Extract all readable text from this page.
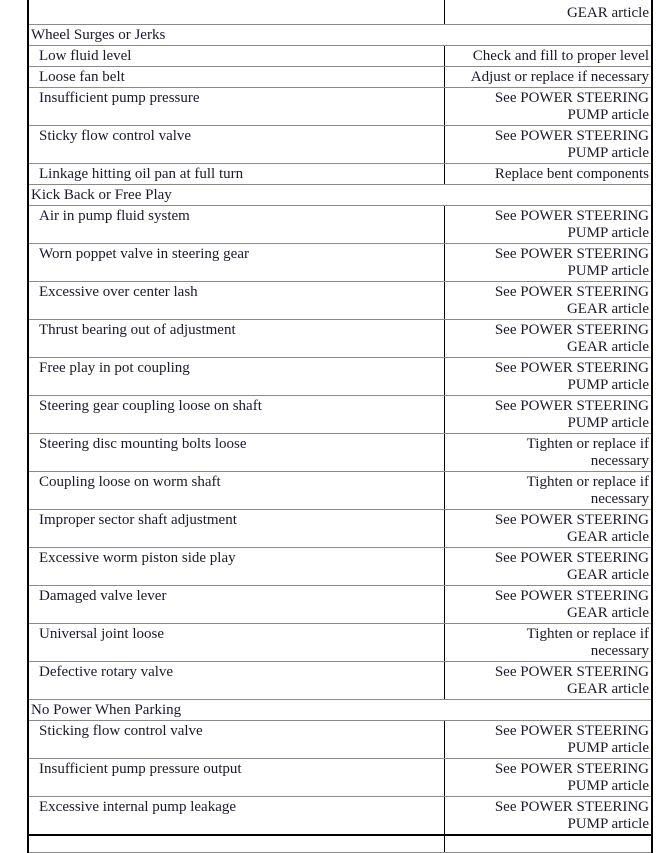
GEAR article
Wheel Surges or Jerks
Low fluid level	Check and fill to proper level
Loose fan belt	Adjust or replace if necessary
Insufficient pump pressure	See POWER STEERING
PUMP article
Sticky flow control valve	See POWER STEERING
PUMP article
Linkage hitting oil pan at full turn	Replace bent components
Kick Back or Free Play
Air in pump fluid system	See POWER STEERING
PUMP article
Worn poppet valve in steering gear	See POWER STEERING
PUMP article
Excessive over center lash	See POWER STEERING
GEAR article
Thrust bearing out of adjustment	See POWER STEERING
GEAR article
Free play in pot coupling	See POWER STEERING
PUMP article
Steering gear coupling loose on shaft	See POWER STEERING
PUMP article
Steering disc mounting bolts loose	Tighten or replace if
necessary
Coupling loose on worm shaft	Tighten or replace if
necessary
Improper sector shaft adjustment	See POWER STEERING
GEAR article
Excessive worm piston side play	See POWER STEERING
GEAR article
Damaged valve lever	See POWER STEERING
GEAR article
Universal joint loose	Tighten or replace if
necessary
Defective rotary valve	See POWER STEERING
GEAR article
No Power When Parking
Sticking flow control valve	See POWER STEERING
PUMP article
Insufficient pump pressure output	See POWER STEERING
PUMP article
Excessive internal pump leakage	See POWER STEERING
PUMP article
